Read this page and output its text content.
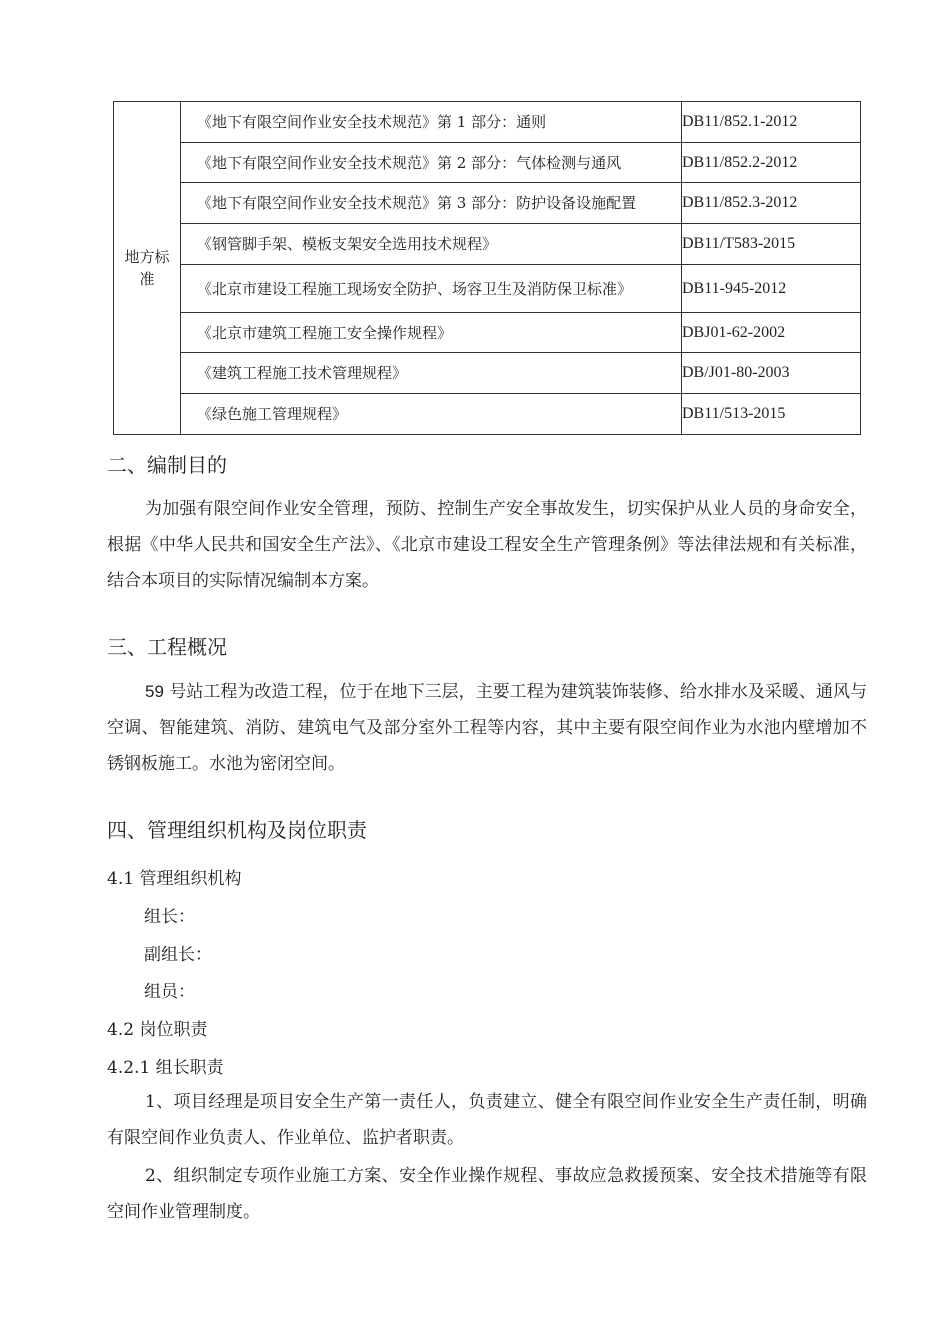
地方标准	《地下有限空间作业安全技术规范》第 1 部分：通则	DB11/852.1-2012

	《地下有限空间作业安全技术规范》第 2 部分：气体检测与通风	DB11/852.2-2012

	《地下有限空间作业安全技术规范》第 3 部分：防护设备设施配置	DB11/852.3-2012

	《钢管脚手架、模板支架安全选用技术规程》	DB11/T583-2015

	《北京市建设工程施工现场安全防护、场容卫生及消防保卫标准》	DB11-945-2012

	《北京市建筑工程施工安全操作规程》	DBJ01-62-2002

	《建筑工程施工技术管理规程》	DB/J01-80-2003

	《绿色施工管理规程》	DB11/513-2015
二、编制目的

为加强有限空间作业安全管理，预防、控制生产安全事故发生，切实保护从业人员的身命安全，根据《中华人民共和国安全生产法》、《北京市建设工程安全生产管理条例》等法律法规和有关标准，结合本项目的实际情况编制本方案。

三、工程概况

59 号站工程为改造工程，位于在地下三层，主要工程为建筑装饰装修、给水排水及采暖、通风与空调、智能建筑、消防、建筑电气及部分室外工程等内容，其中主要有限空间作业为水池内壁增加不锈钢板施工。水池为密闭空间。

四、管理组织机构及岗位职责
4.1 管理组织机构
组长：
副组长：
组员：
4.2 岗位职责
4.2.1 组长职责

1、项目经理是项目安全生产第一责任人，负责建立、健全有限空间作业安全生产责任制，明确有限空间作业负责人、作业单位、监护者职责。

2、组织制定专项作业施工方案、安全作业操作规程、事故应急救援预案、安全技术措施等有限空间作业管理制度。
